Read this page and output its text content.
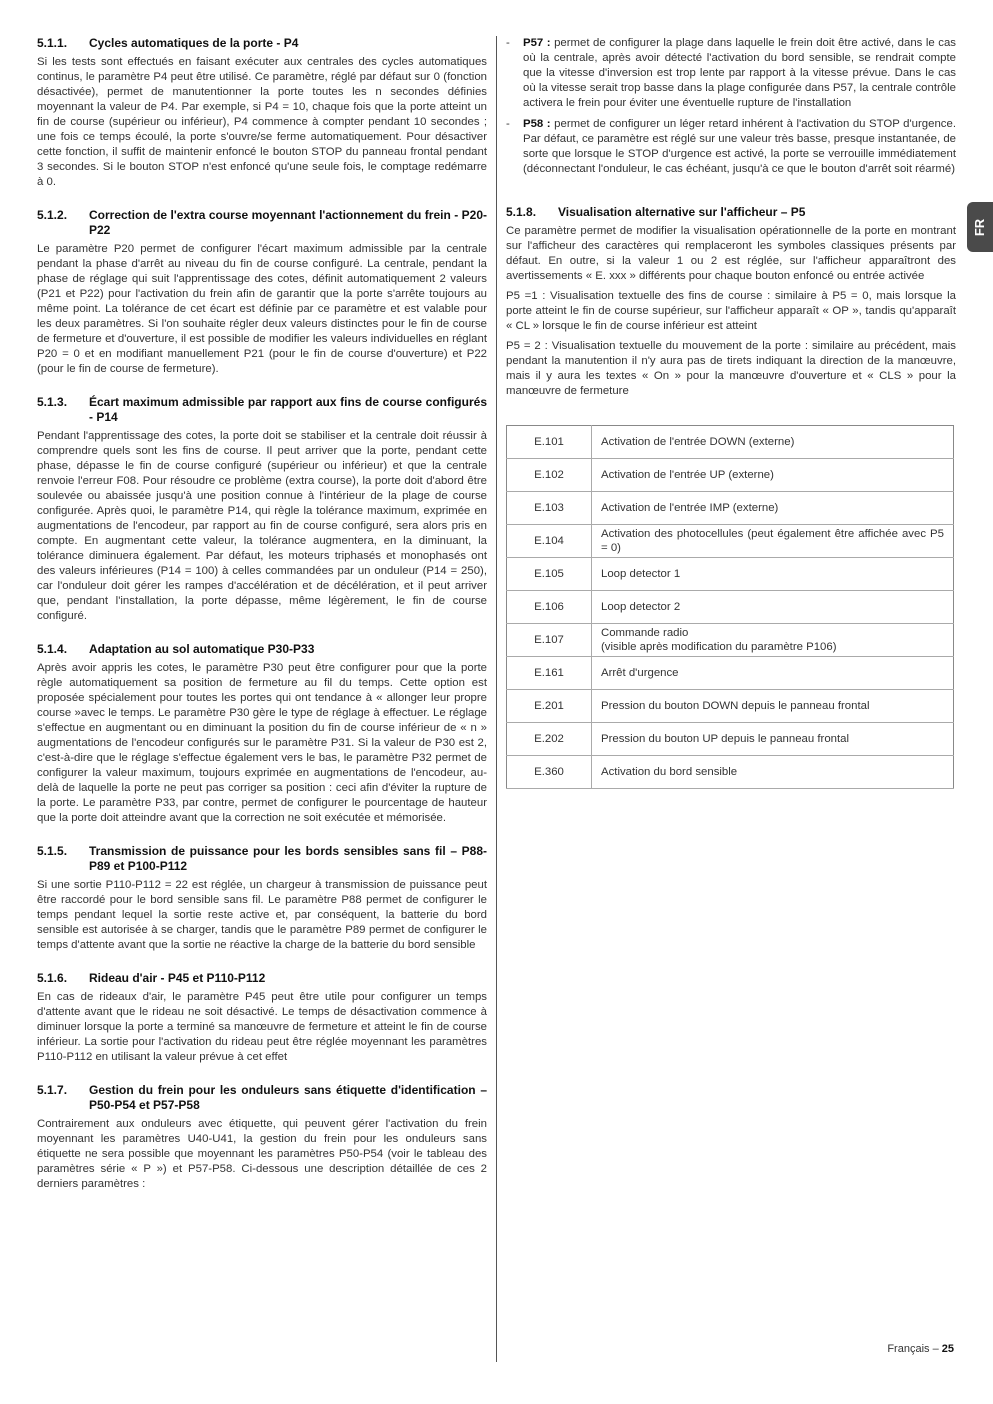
5.1.1.	Cycles automatiques de la porte - P4

Si les tests sont effectués en faisant exécuter aux centrales des cycles automatiques continus, le paramètre P4 peut être utilisé. Ce paramètre, réglé par défaut sur 0 (fonction désactivée), permet de manutentionner la porte toutes les n secondes définies moyennant la valeur de P4. Par exemple, si P4 = 10, chaque fois que la porte atteint un fin de course (supérieur ou inférieur), P4 commence à compter pendant 10 secondes ; une fois ce temps écoulé, la porte s'ouvre/se ferme automatiquement. Pour désactiver cette fonction, il suffit de maintenir enfoncé le bouton STOP du panneau frontal pendant 3 secondes. Si le bouton STOP n'est enfoncé qu'une seule fois, le comptage redémarre à 0.

5.1.2.	Correction de l'extra course moyennant l'actionnement du frein - P20-P22

Le paramètre P20 permet de configurer l'écart maximum admissible par la centrale pendant la phase d'arrêt au niveau du fin de course configuré. La centrale, pendant la phase de réglage qui suit l'apprentissage des cotes, définit automatiquement 2 valeurs (P21 et P22) pour l'activation du frein afin de garantir que la porte s'arrête toujours au même point. La tolérance de cet écart est définie par ce paramètre et est valable pour les deux paramètres. Si l'on souhaite régler deux valeurs distinctes pour le fin de course de fermeture et d'ouverture, il est possible de modifier les valeurs individuelles en réglant P20 = 0 et en modifiant manuellement P21 (pour le fin de course d'ouverture) et P22 (pour le fin de course de fermeture).

5.1.3.	Écart maximum admissible par rapport aux fins de course configurés - P14

Pendant l'apprentissage des cotes, la porte doit se stabiliser et la centrale doit réussir à comprendre quels sont les fins de course. Il peut arriver que la porte, pendant cette phase, dépasse le fin de course configuré (supérieur ou inférieur) et que la centrale renvoie l'erreur F08. Pour résoudre ce problème (extra course), la porte doit d'abord être soulevée ou abaissée jusqu'à une position connue à l'intérieur de la plage de course configurée. Après quoi, le paramètre P14, qui règle la tolérance maximum, exprimée en augmentations de l'encodeur, par rapport au fin de course configuré, sera alors pris en compte. En augmentant cette valeur, la tolérance augmentera, en la diminuant, la tolérance diminuera également. Par défaut, les moteurs triphasés et monophasés ont des valeurs inférieures (P14 = 100) à celles commandées par un onduleur (P14 = 250), car l'onduleur doit gérer les rampes d'accélération et de décélération, et il peut arriver que, pendant l'installation, la porte dépasse, même légèrement, le fin de course configuré.

5.1.4.	Adaptation au sol automatique P30-P33

Après avoir appris les cotes, le paramètre P30 peut être configurer pour que la porte règle automatiquement sa position de fermeture au fil du temps. Cette option est proposée spécialement pour toutes les portes qui ont tendance à « allonger leur propre course »avec le temps. Le paramètre P30 gère le type de réglage à effectuer. Le réglage s'effectue en augmentant ou en diminuant la position du fin de course inférieur de « n » augmentations de l'encodeur configurés sur le paramètre P31. Si la valeur de P30 est 2, c'est-à-dire que le réglage s'effectue également vers le bas, le paramètre P32 permet de configurer la valeur maximum, toujours exprimée en augmentations de l'encodeur, au-delà de laquelle la porte ne peut pas corriger sa position : ceci afin d'éviter la rupture de la porte. Le paramètre P33, par contre, permet de configurer le pourcentage de hauteur que la porte doit atteindre avant que la correction ne soit exécutée et mémorisée.

5.1.5.	Transmission de puissance pour les bords sensibles sans fil – P88-P89 et P100-P112

Si une sortie P110-P112 = 22 est réglée, un chargeur à transmission de puissance peut être raccordé pour le bord sensible sans fil. Le paramètre P88 permet de configurer le temps pendant lequel la sortie reste active et, par conséquent, la batterie du bord sensible est autorisée à se charger, tandis que le paramètre P89 permet de configurer le temps d'attente avant que la sortie ne réactive la charge de la batterie du bord sensible

5.1.6.	Rideau d'air - P45 et P110-P112

En cas de rideaux d'air, le paramètre P45 peut être utile pour configurer un temps d'attente avant que le rideau ne soit désactivé. Le temps de désactivation commence à diminuer lorsque la porte a terminé sa manœuvre de fermeture et atteint le fin de course inférieur. La sortie pour l'activation du rideau peut être réglée moyennant les paramètres P110-P112 en utilisant la valeur prévue à cet effet

5.1.7.	Gestion du frein pour les onduleurs sans étiquette d'identification – P50-P54 et P57-P58

Contrairement aux onduleurs avec étiquette, qui peuvent gérer l'activation du frein moyennant les paramètres U40-U41, la gestion du frein pour les onduleurs sans étiquette ne sera possible que moyennant les paramètres P50-P54 (voir le tableau des paramètres série « P ») et P57-P58. Ci-dessous une description détaillée de ces 2 derniers paramètres :

-	P57 : permet de configurer la plage dans laquelle le frein doit être activé, dans le cas où la centrale, après avoir détecté l'activation du bord sensible, se rendrait compte que la vitesse d'inversion est trop lente par rapport à la vitesse prévue. Dans le cas où la vitesse serait trop basse dans la plage configurée dans P57, la centrale contrôle activera le frein pour éviter une éventuelle rupture de l'installation
-	P58 : permet de configurer un léger retard inhérent à l'activation du STOP d'urgence. Par défaut, ce paramètre est réglé sur une valeur très basse, presque instantanée, de sorte que lorsque le STOP d'urgence est activé, la porte se verrouille immédiatement (déconnectant l'onduleur, le cas échéant, jusqu'à ce que le bouton d'arrêt soit réarmé)
5.1.8.	Visualisation alternative sur l'afficheur – P5

Ce paramètre permet de modifier la visualisation opérationnelle de la porte en montrant sur l'afficheur des caractères qui remplaceront les symboles classiques présents par défaut. En outre, si la valeur 1 ou 2 est réglée, sur l'afficheur apparaîtront des avertissements « E. xxx » différents pour chaque bouton enfoncé ou entrée activée

P5 =1 : Visualisation textuelle des fins de course : similaire à P5 = 0, mais lorsque la porte atteint le fin de course supérieur, sur l'afficheur apparaît « OP », tandis qu'apparaît « CL » lorsque le fin de course inférieur est atteint

P5 = 2 : Visualisation textuelle du mouvement de la porte : similaire au précédent, mais pendant la manutention il n'y aura pas de tirets indiquant la direction de la manœuvre, mais il y aura les textes « On » pour la manœuvre d'ouverture et « CLS » pour la manœuvre de fermeture

E.101	Activation de l'entrée DOWN (externe)
E.102	Activation de l'entrée UP (externe)
E.103	Activation de l'entrée IMP (externe)
E.104	Activation des photocellules (peut également être affichée avec P5 = 0)
E.105	Loop detector 1
E.106	Loop detector 2
E.107	Commande radio
(visible après modification du paramètre P106)
E.161	Arrêt d'urgence
E.201	Pression du bouton DOWN depuis le panneau frontal
E.202	Pression du bouton UP depuis le panneau frontal
E.360	Activation du bord sensible
FR
Français – 25
